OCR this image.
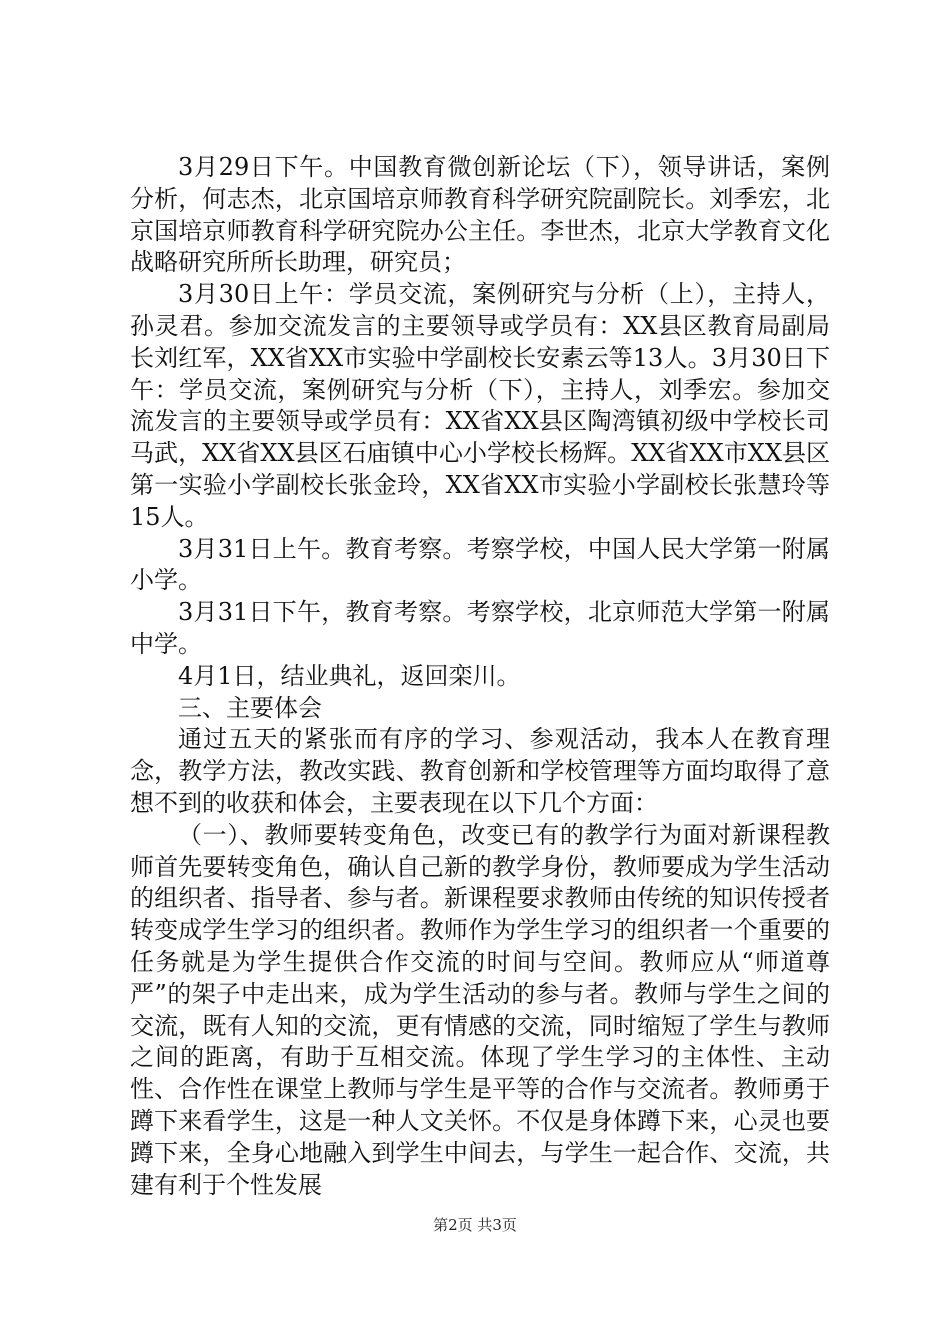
3月29日下午。中国教育微创新论坛（下），领导讲话，案例分析，何志杰，北京国培京师教育科学研究院副院长。刘季宏，北京国培京师教育科学研究院办公主任。李世杰，北京大学教育文化战略研究所所长助理，研究员；

3月30日上午：学员交流，案例研究与分析（上），主持人，孙灵君。参加交流发言的主要领导或学员有：XX县区教育局副局长刘红军，XX省XX市实验中学副校长安素云等13人。3月30日下午：学员交流，案例研究与分析（下），主持人，刘季宏。参加交流发言的主要领导或学员有：XX省XX县区陶湾镇初级中学校长司马武，XX省XX县区石庙镇中心小学校长杨辉。XX省XX市XX县区第一实验小学副校长张金玲，XX省XX市实验小学副校长张慧玲等15人。

3月31日上午。教育考察。考察学校，中国人民大学第一附属小学。

3月31日下午，教育考察。考察学校，北京师范大学第一附属中学。

4月1日，结业典礼，返回栾川。

三、主要体会

通过五天的紧张而有序的学习、参观活动，我本人在教育理念，教学方法，教改实践、教育创新和学校管理等方面均取得了意想不到的收获和体会，主要表现在以下几个方面：

（一）、教师要转变角色，改变已有的教学行为面对新课程教师首先要转变角色，确认自己新的教学身份，教师要成为学生活动的组织者、指导者、参与者。新课程要求教师由传统的知识传授者转变成学生学习的组织者。教师作为学生学习的组织者一个重要的任务就是为学生提供合作交流的时间与空间。教师应从“师道尊严”的架子中走出来，成为学生活动的参与者。教师与学生之间的交流，既有人知的交流，更有情感的交流，同时缩短了学生与教师之间的距离，有助于互相交流。体现了学生学习的主体性、主动性、合作性在课堂上教师与学生是平等的合作与交流者。教师勇于蹲下来看学生，这是一种人文关怀。不仅是身体蹲下来，心灵也要蹲下来，全身心地融入到学生中间去，与学生一起合作、交流，共建有利于个性发展

第2页 共3页
